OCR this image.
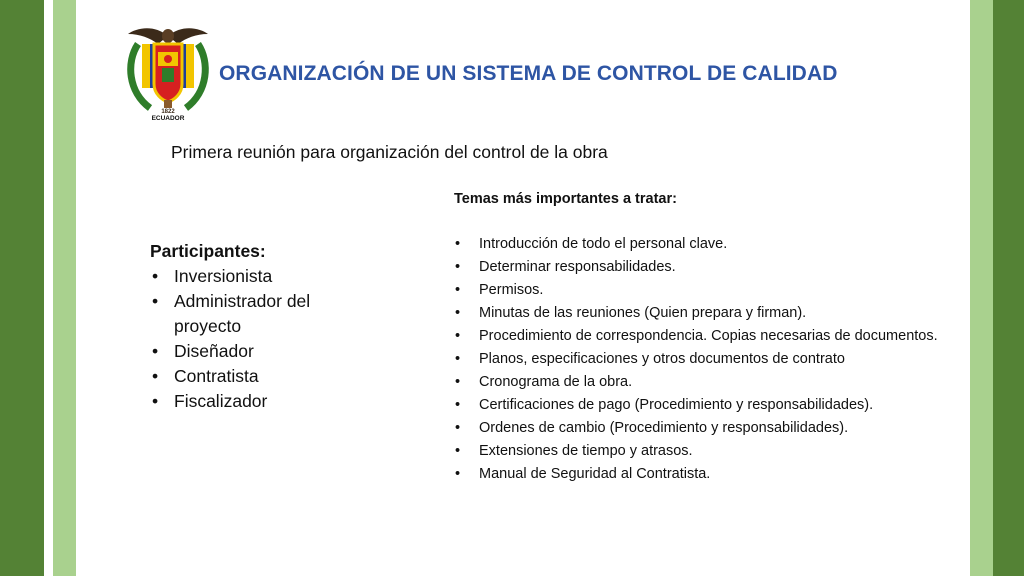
1822
ECUADOR
ORGANIZACIÓN DE UN SISTEMA DE CONTROL DE CALIDAD
Primera reunión para organización del control de la obra
Participantes:
• Inversionista
• Administrador del proyecto
• Diseñador
• Contratista
• Fiscalizador
Temas más importantes a tratar:
• Introducción de todo el personal clave.
• Determinar responsabilidades.
• Permisos.
• Minutas de las reuniones (Quien prepara y firman).
• Procedimiento de correspondencia. Copias necesarias de documentos.
• Planos, especificaciones y otros documentos de contrato
• Cronograma de la obra.
• Certificaciones de pago (Procedimiento y responsabilidades).
• Ordenes de cambio (Procedimiento y responsabilidades).
• Extensiones de tiempo y atrasos.
• Manual de Seguridad al Contratista.
